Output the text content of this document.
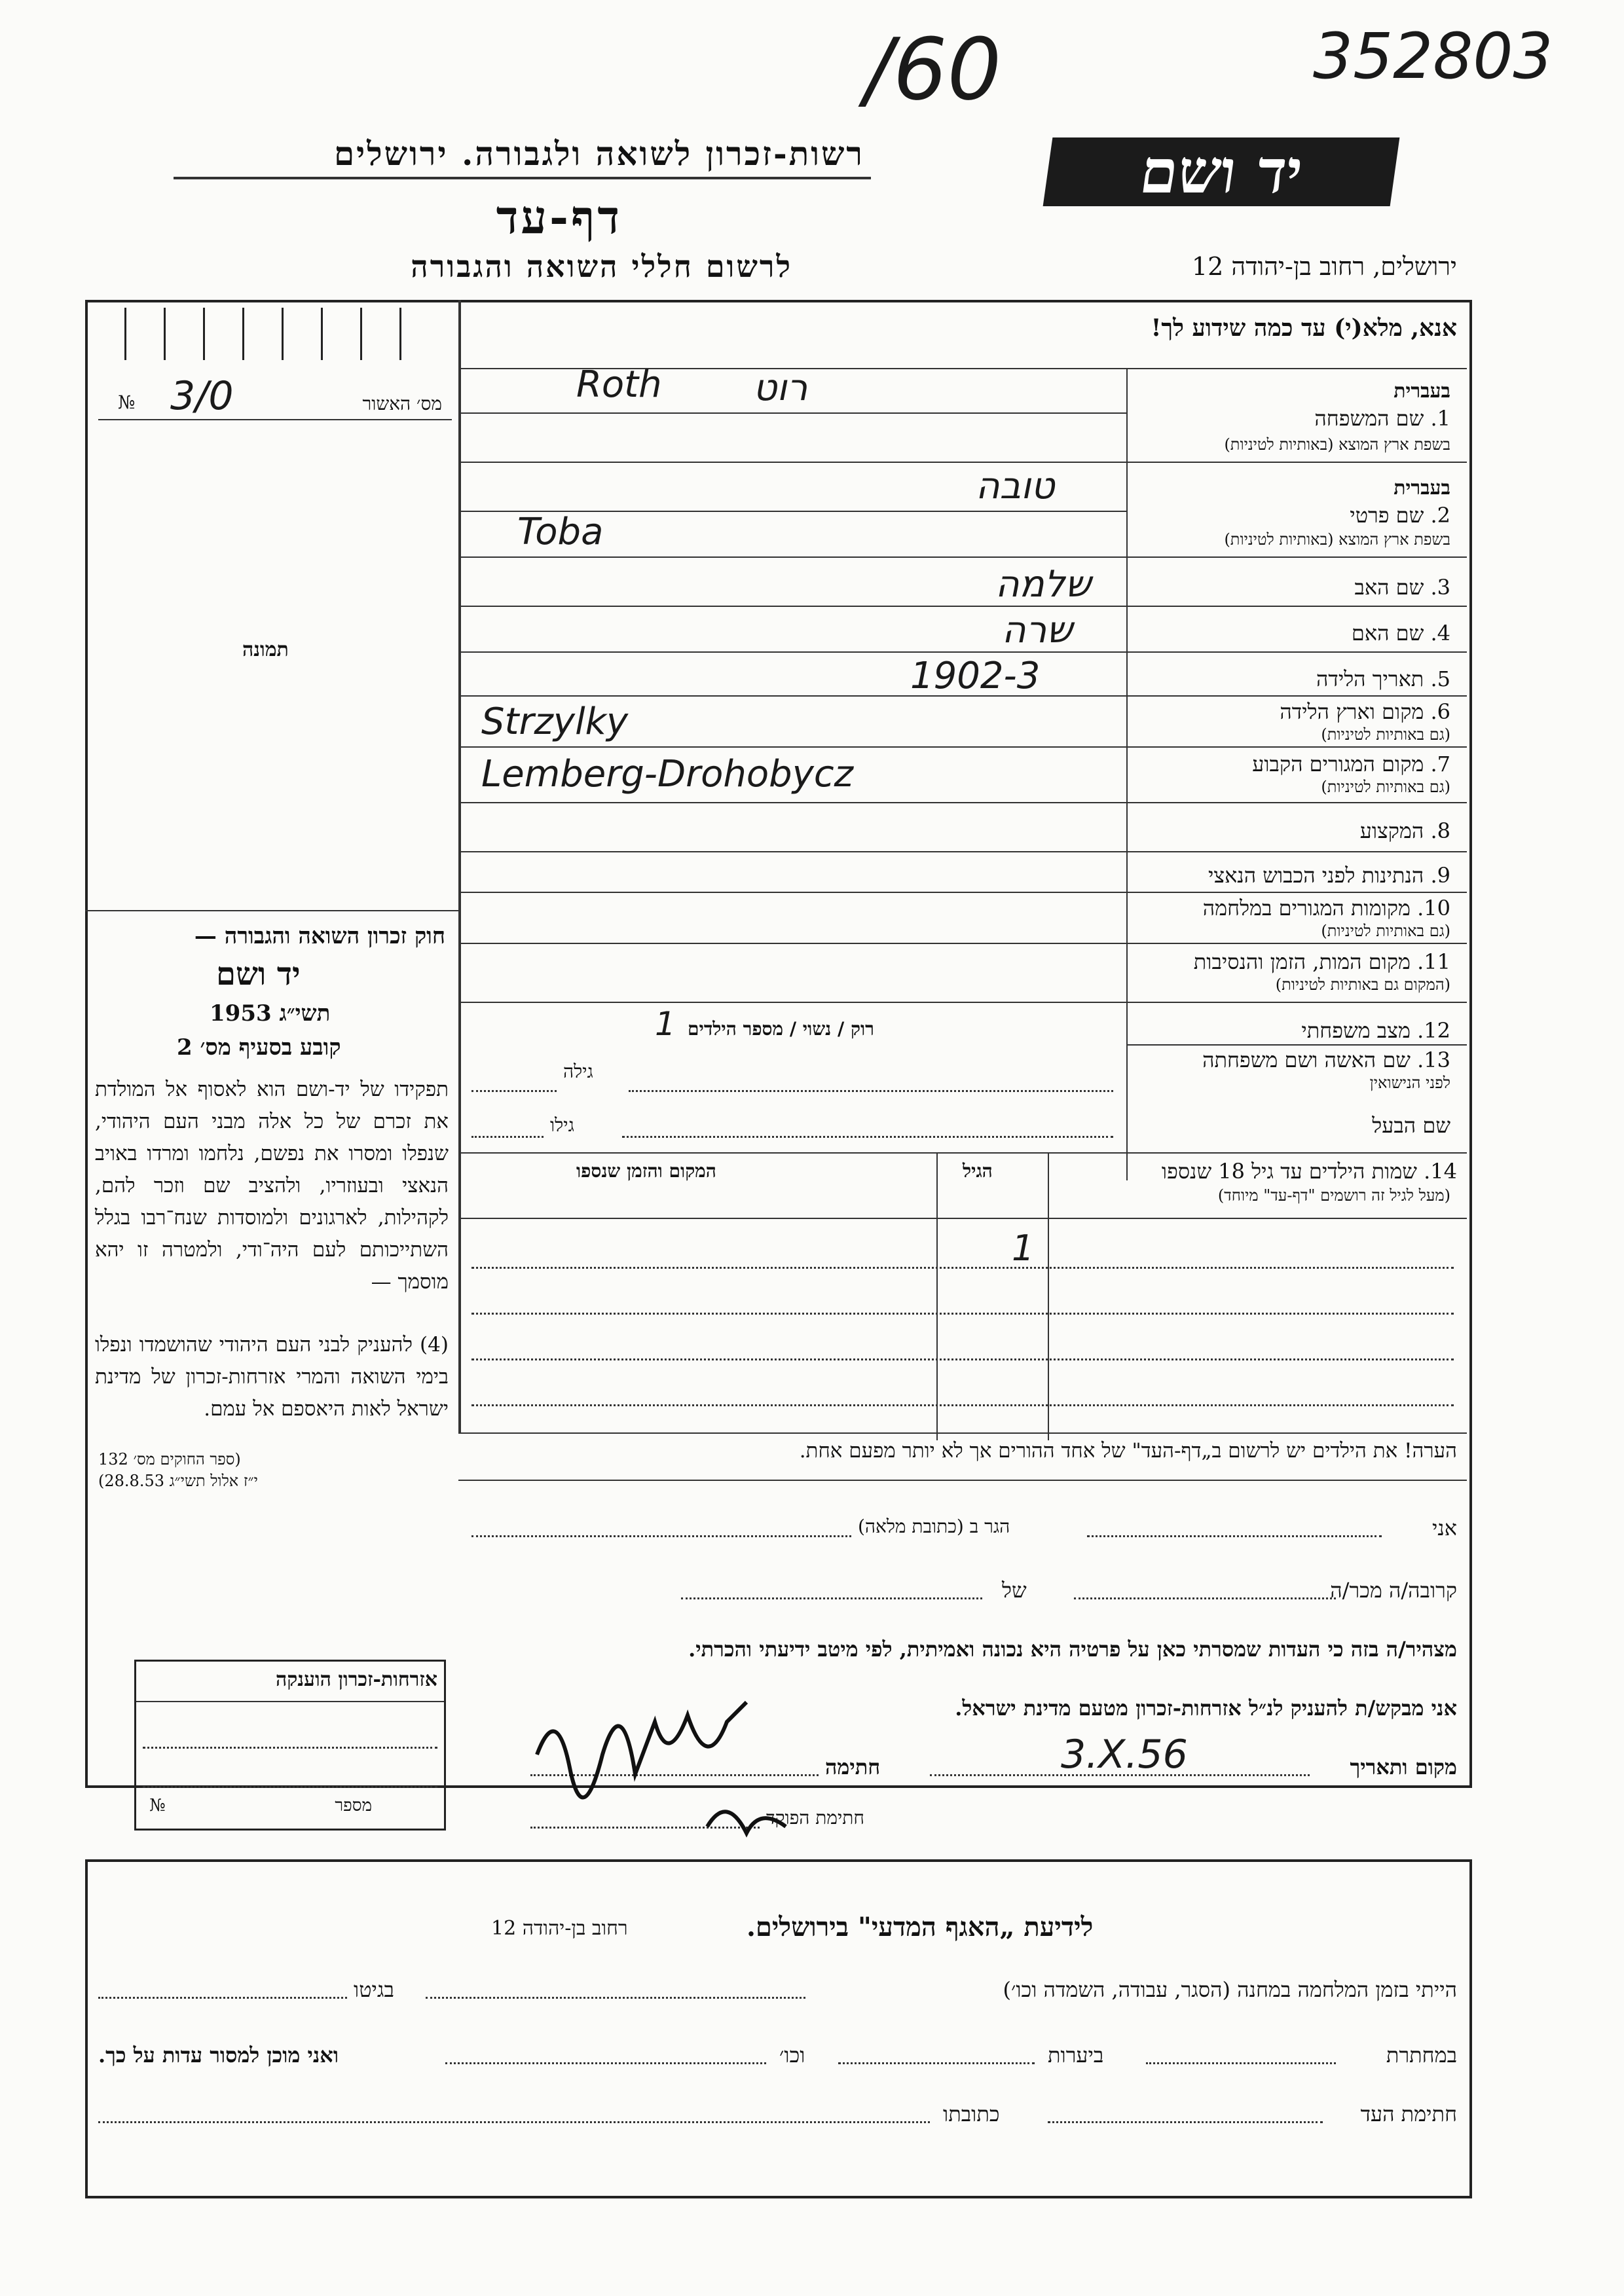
352803
/60
יד ושם
רשות-זכרון לשואה ולגבורה. ירושלים
דף-עד
לרשום חללי השואה והגבורה	ירושלים, רחוב בן-יהודה 12
אנא, מלא(י) עד כמה שידוע לך!
№ 3/0	מס׳ האשור
תמונה
חוק זכרון השואה והגבורה —
יד ושם
תשי״ג 1953
קובע בסעיף מס׳ 2
תפקידו של יד-ושם הוא לאסוף אל המולדת את זכרם של כל אלה מבני העם היהודי, שנפלו ומסרו את נפשם, נלחמו ומרדו באויב הנאצי ובעוזריו, ולהציב שם וזכר להם, לקהילות, לארגונים ולמוסדות שנח־רבו בגלל השתייכותם לעם היה־ודי, ולמטרה זו יהא מוסמך —
(4) להעניק לבני העם היהודי שהושמדו ונפלו בימי השואה והמרי אזרחות-זכרון של מדינת ישראל לאות היאספם אל עמם.
(ספר החוקים מס׳ 132
י״ז אלול תשי״ג 28.8.53)
בעברית
1. שם המשפחה
בשפת ארץ המוצא (באותיות לטיניות)
רוט
Roth
בעברית
2. שם פרטי
בשפת ארץ המוצא (באותיות לטיניות)
טובה
Toba
3. שם האב
שלמה
4. שם האם
שרה
5. תאריך הלידה
1902-3
6. מקום וארץ הלידה
(גם באותיות לטיניות)
Strzylky
7. מקום המגורים הקבוע
(גם באותיות לטיניות)
Lemberg-Drohobycz
8. המקצוע
9. הנתינות לפני הכבוש הנאצי
10. מקומות המגורים במלחמה
(גם באותיות לטיניות)
11. מקום המות, הזמן והנסיבות
(המקום גם באותיות לטיניות)
12. מצב משפחתי
רוק / נשוי / מספר הילדים
1
13. שם האשה ושם משפחתה
לפני הנישואין
גילה
שם הבעל
גילו
14. שמות הילדים עד גיל 18 שנספו
(מעל לגיל זה רושמים "דף-עד" מיוחד)
הגיל
המקום והזמן שנספו
1
הערה! את הילדים יש לרשום ב„דף-העד" של אחד ההורים אך לא יותר מפעם אחת.
אני
הגר ב (כתובת מלאה)
קרובה/ה מכר/ה
של
מצהיר/ה בזה כי העדות שמסרתי כאן על פרטיה היא נכונה ואמיתית, לפי מיטב ידיעתי והכרתי.
אני מבקש/ת להעניק לנ״ל אזרחות-זכרון מטעם מדינת ישראל.
מקום ותאריך
3.X.56
חתימה
חתימת הפוקד
אזרחות-זכרון הוענקה
מספר
№
לידיעת „האגף המדעי" בירושלים.
רחוב בן-יהודה 12
הייתי בזמן המלחמה במחנה (הסגר, עבודה, השמדה וכו׳)
בגיטו
במחתרת
ביערות
וכו׳
ואני מוכן למסור עדות על כך.
חתימת העד
כתובתו
